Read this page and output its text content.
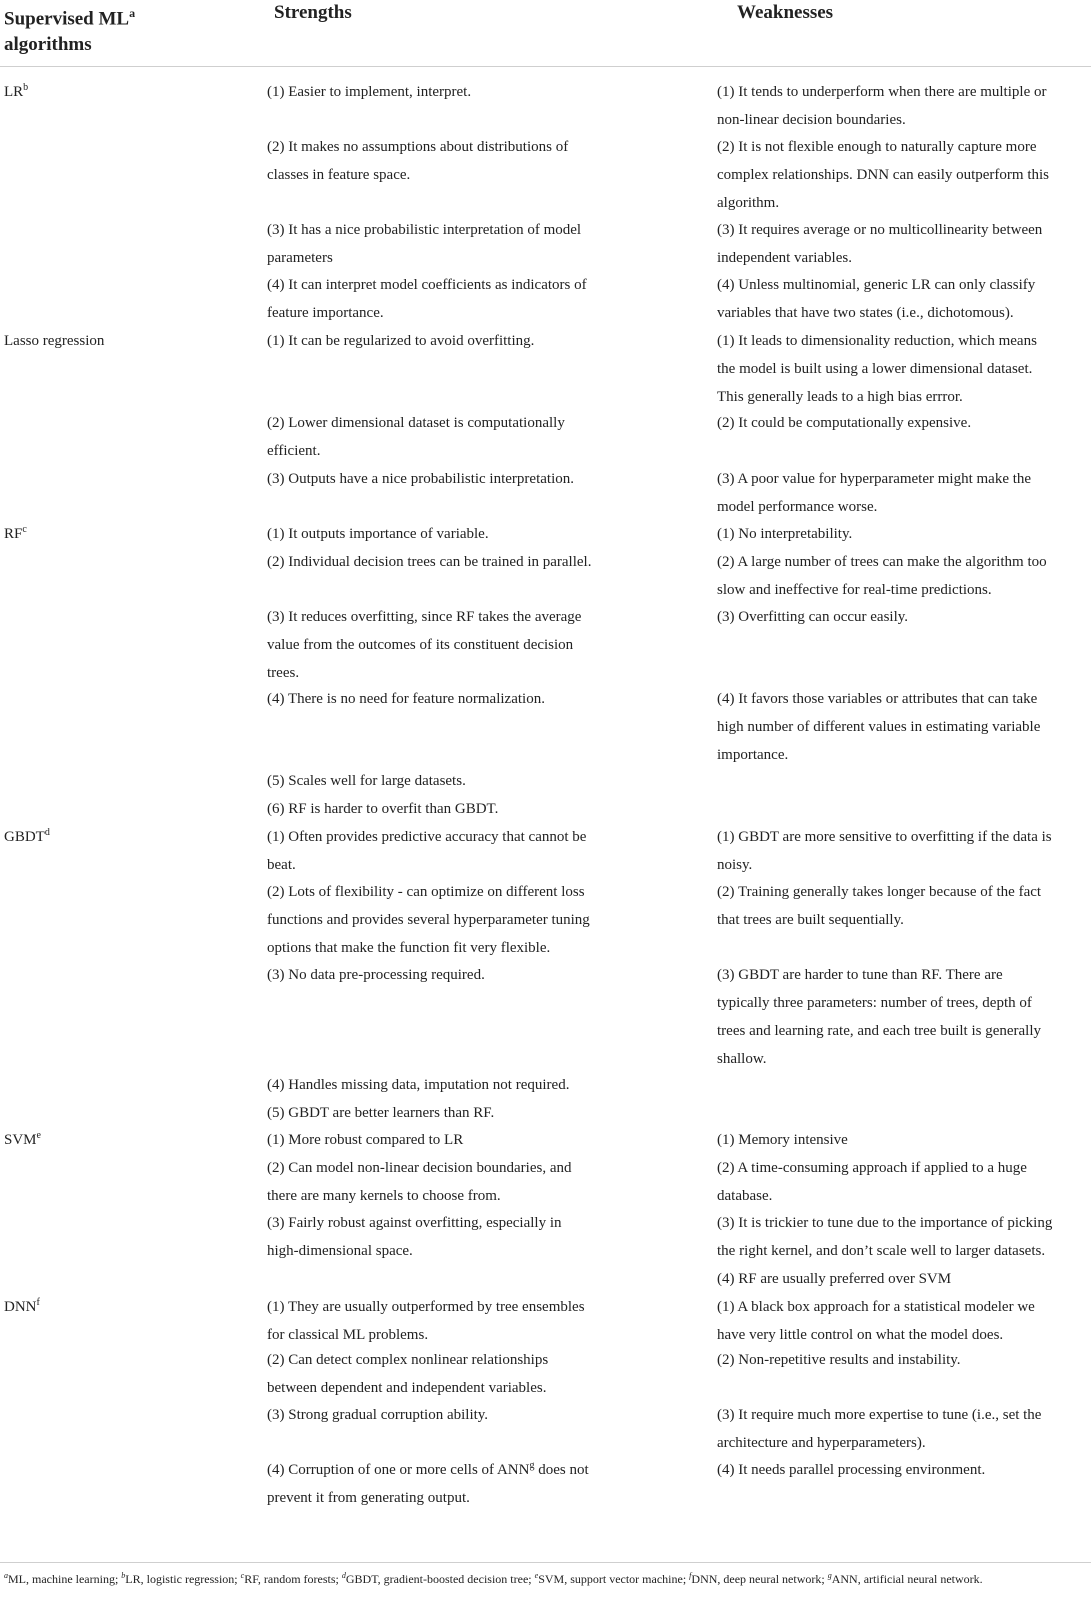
Supervised $ML^a$
algorithms
Strengths	Weaknesses
$LR^b$
Lasso regression
$RF^c$
GBDT$^d$
SVM$^e$
DNN$^f$
(1) Easier to implement, interpret.
(2) It makes no assumptions about distributions of
classes in feature space.
(3) It has a nice probabilistic interpretation of model
parameters
(4) It can interpret model coefficients as indicators of
feature importance.
(1) It can be regularized to avoid overfitting.
(2) Lower dimensional dataset is computationally
efficient.
(3) Outputs have a nice probabilistic interpretation.
(1) It outputs importance of variable.
(2) Individual decision trees can be trained in parallel.
(3) It reduces overfitting, since RF takes the average
value from the outcomes of its constituent decision
trees.
(4) There is no need for feature normalization.
(5) Scales well for large datasets.
(6) RF is harder to overfit than GBDT.
(1) Often provides predictive accuracy that cannot be
beat.
(2) Lots of flexibility - can optimize on different loss
functions and provides several hyperparameter tuning
options that make the function fit very flexible.
(3) No data pre-processing required.
(4) Handles missing data, imputation not required.
(5) GBDT are better learners than RF.
(1) More robust compared to LR
(2) Can model non-linear decision boundaries, and
there are many kernels to choose from.
(3) Fairly robust against overfitting, especially in
high-dimensional space.
(1) They are usually outperformed by tree ensembles
for classical ML problems.
(2) Can detect complex nonlinear relationships
between dependent and independent variables.
(3) Strong gradual corruption ability.
(4) Corruption of one or more cells of ANN$^g$ does not
prevent it from generating output.
(1) It tends to underperform when there are multiple or
non-linear decision boundaries.
(2) It is not flexible enough to naturally capture more
complex relationships. DNN can easily outperform this
algorithm.
(3) It requires average or no multicollinearity between
independent variables.
(4) Unless multinomial, generic LR can only classify
variables that have two states (i.e., dichotomous).
(1) It leads to dimensionality reduction, which means
the model is built using a lower dimensional dataset.
This generally leads to a high bias errror.
(2) It could be computationally expensive.
(3) A poor value for hyperparameter might make the
model performance worse.
(1) No interpretability.
(2) A large number of trees can make the algorithm too
slow and ineffective for real-time predictions.
(3) Overfitting can occur easily.
(4) It favors those variables or attributes that can take
high number of different values in estimating variable
importance.
(1) GBDT are more sensitive to overfitting if the data is
noisy.
(2) Training generally takes longer because of the fact
that trees are built sequentially.
(3) GBDT are harder to tune than RF. There are
typically three parameters: number of trees, depth of
trees and learning rate, and each tree built is generally
shallow.
(1) Memory intensive
(2) A time-consuming approach if applied to a huge
database.
(3) It is trickier to tune due to the importance of picking
the right kernel, and don’t scale well to larger datasets.
(4) RF are usually preferred over SVM
(1) A black box approach for a statistical modeler we
have very little control on what the model does.
(2) Non-repetitive results and instability.
(3) It require much more expertise to tune (i.e., set the
architecture and hyperparameters).
(4) It needs parallel processing environment.
$^a$ML, machine learning; $^b$LR, logistic regression; $^c$RF, random forests; $^d$GBDT, gradient-boosted decision tree; $^e$SVM, support vector machine; $^f$DNN, deep neural network; $^g$ANN, artificial neural network.
